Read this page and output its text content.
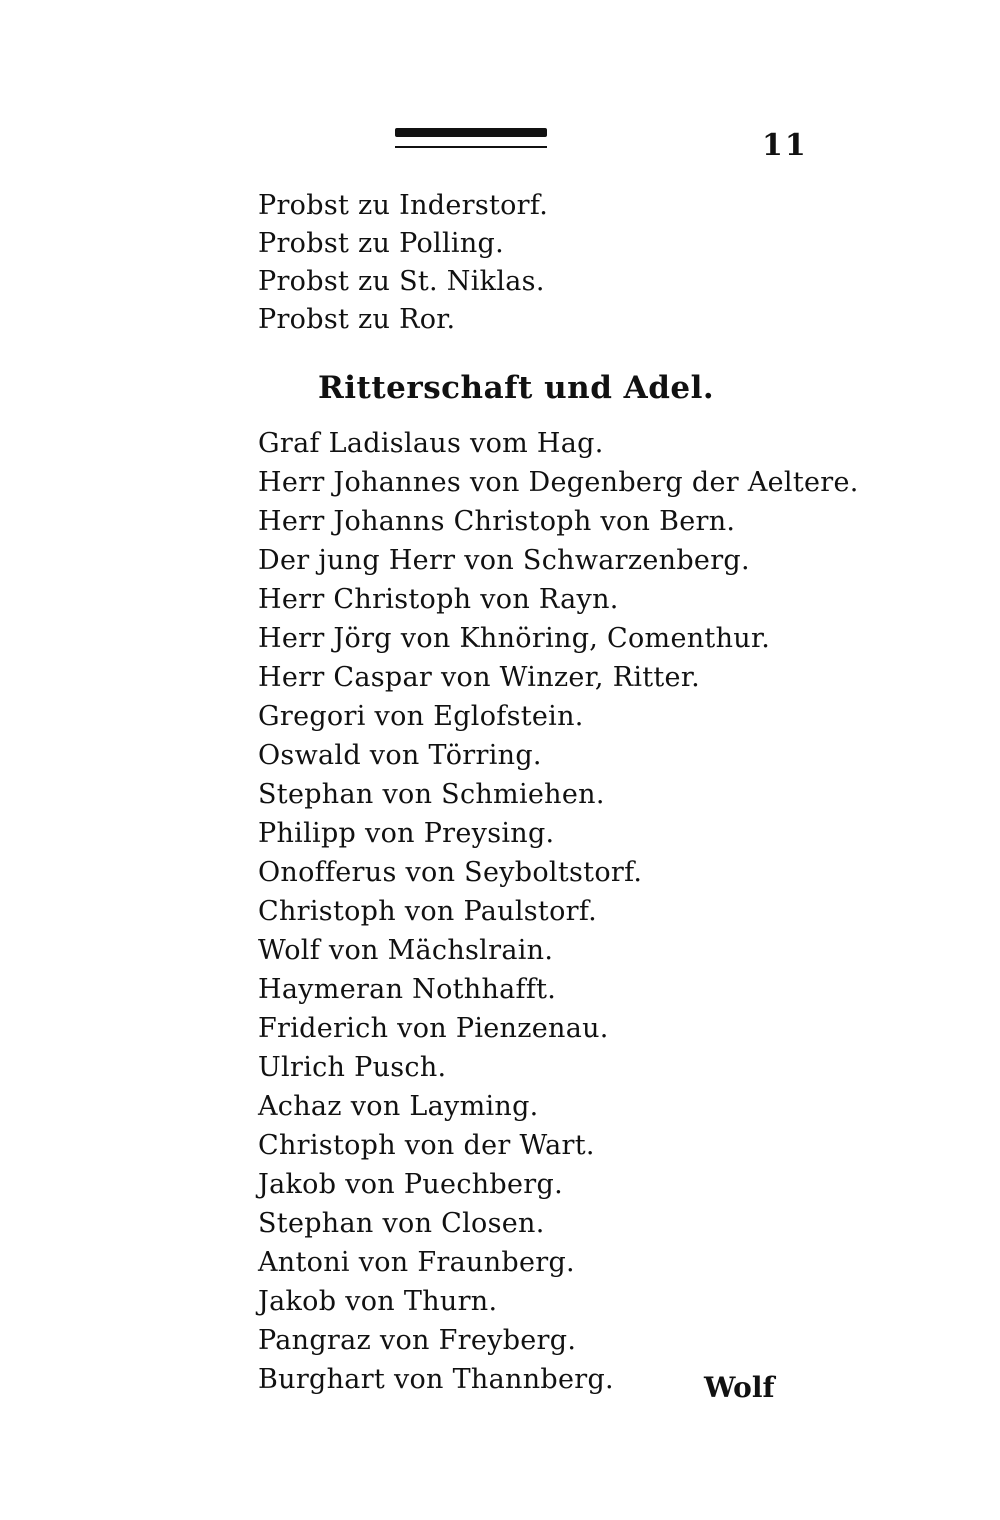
11
Probst zu Inderstorf.
Probst zu Polling.
Probst zu St. Niklas.
Probst zu Ror.
Ritterschaft und Adel.
Graf Ladislaus vom Hag.
Herr Johannes von Degenberg der Aeltere.
Herr Johanns Christoph von Bern.
Der jung Herr von Schwarzenberg.
Herr Christoph von Rayn.
Herr Jörg von Khnöring, Comenthur.
Herr Caspar von Winzer, Ritter.
Gregori von Eglofstein.
Oswald von Törring.
Stephan von Schmiehen.
Philipp von Preysing.
Onofferus von Seyboltstorf.
Christoph von Paulstorf.
Wolf von Mächslrain.
Haymeran Nothhafft.
Friderich von Pienzenau.
Ulrich Pusch.
Achaz von Layming.
Christoph von der Wart.
Jakob von Puechberg.
Stephan von Closen.
Antoni von Fraunberg.
Jakob von Thurn.
Pangraz von Freyberg.
Burghart von Thannberg.	Wolf
